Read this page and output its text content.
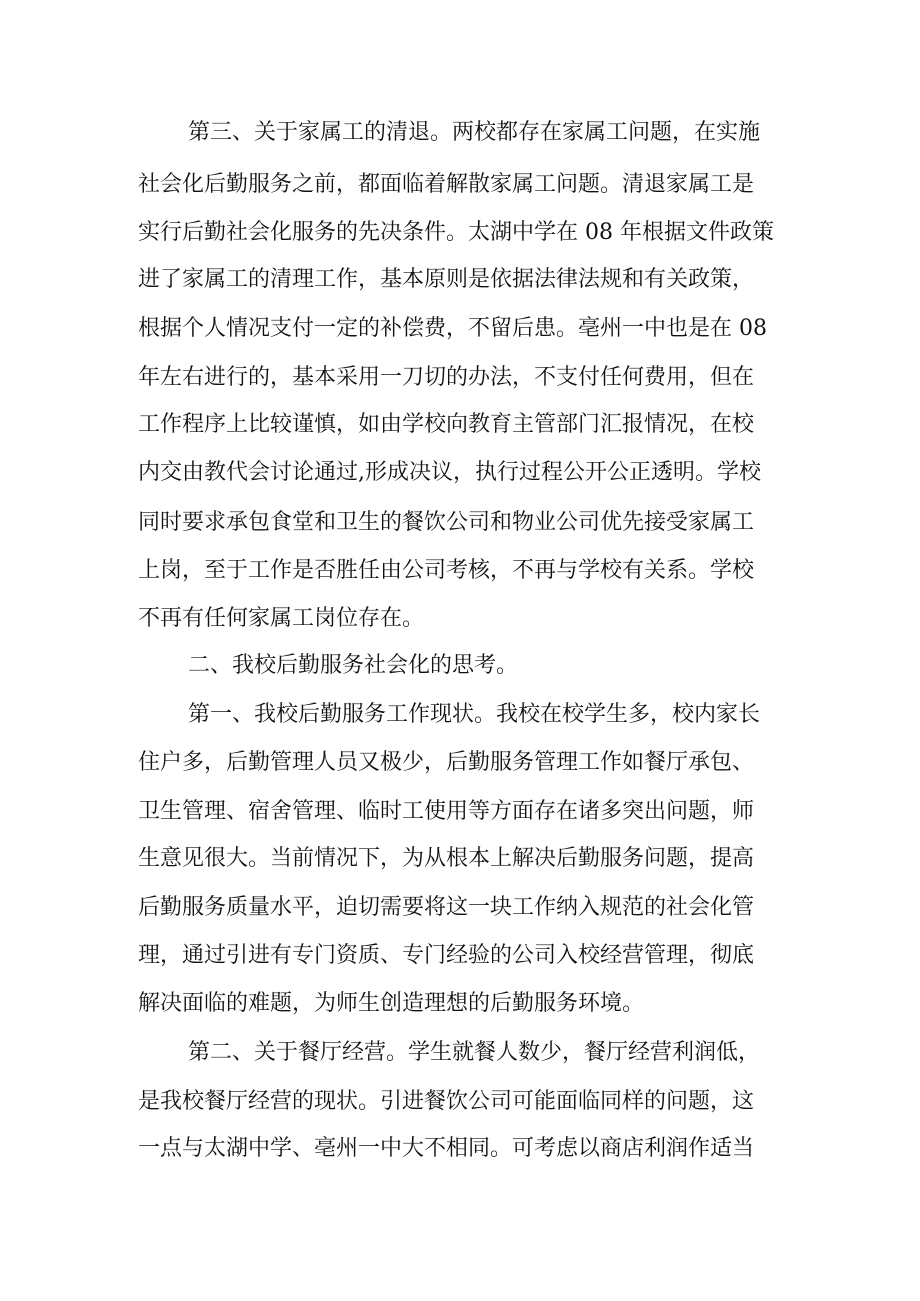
第三、关于家属工的清退。两校都存在家属工问题，在实施
社会化后勤服务之前，都面临着解散家属工问题。清退家属工是
实行后勤社会化服务的先决条件。太湖中学在 08 年根据文件政策
进了家属工的清理工作，基本原则是依据法律法规和有关政策，
根据个人情况支付一定的补偿费，不留后患。亳州一中也是在 08
年左右进行的，基本采用一刀切的办法，不支付任何费用，但在
工作程序上比较谨慎，如由学校向教育主管部门汇报情况，在校
内交由教代会讨论通过,形成决议，执行过程公开公正透明。学校
同时要求承包食堂和卫生的餐饮公司和物业公司优先接受家属工
上岗，至于工作是否胜任由公司考核，不再与学校有关系。学校
不再有任何家属工岗位存在。
二、我校后勤服务社会化的思考。
第一、我校后勤服务工作现状。我校在校学生多，校内家长
住户多，后勤管理人员又极少，后勤服务管理工作如餐厅承包、
卫生管理、宿舍管理、临时工使用等方面存在诸多突出问题，师
生意见很大。当前情况下，为从根本上解决后勤服务问题，提高
后勤服务质量水平，迫切需要将这一块工作纳入规范的社会化管
理，通过引进有专门资质、专门经验的公司入校经营管理，彻底
解决面临的难题，为师生创造理想的后勤服务环境。
第二、关于餐厅经营。学生就餐人数少，餐厅经营利润低，
是我校餐厅经营的现状。引进餐饮公司可能面临同样的问题，这
一点与太湖中学、亳州一中大不相同。可考虑以商店利润作适当
